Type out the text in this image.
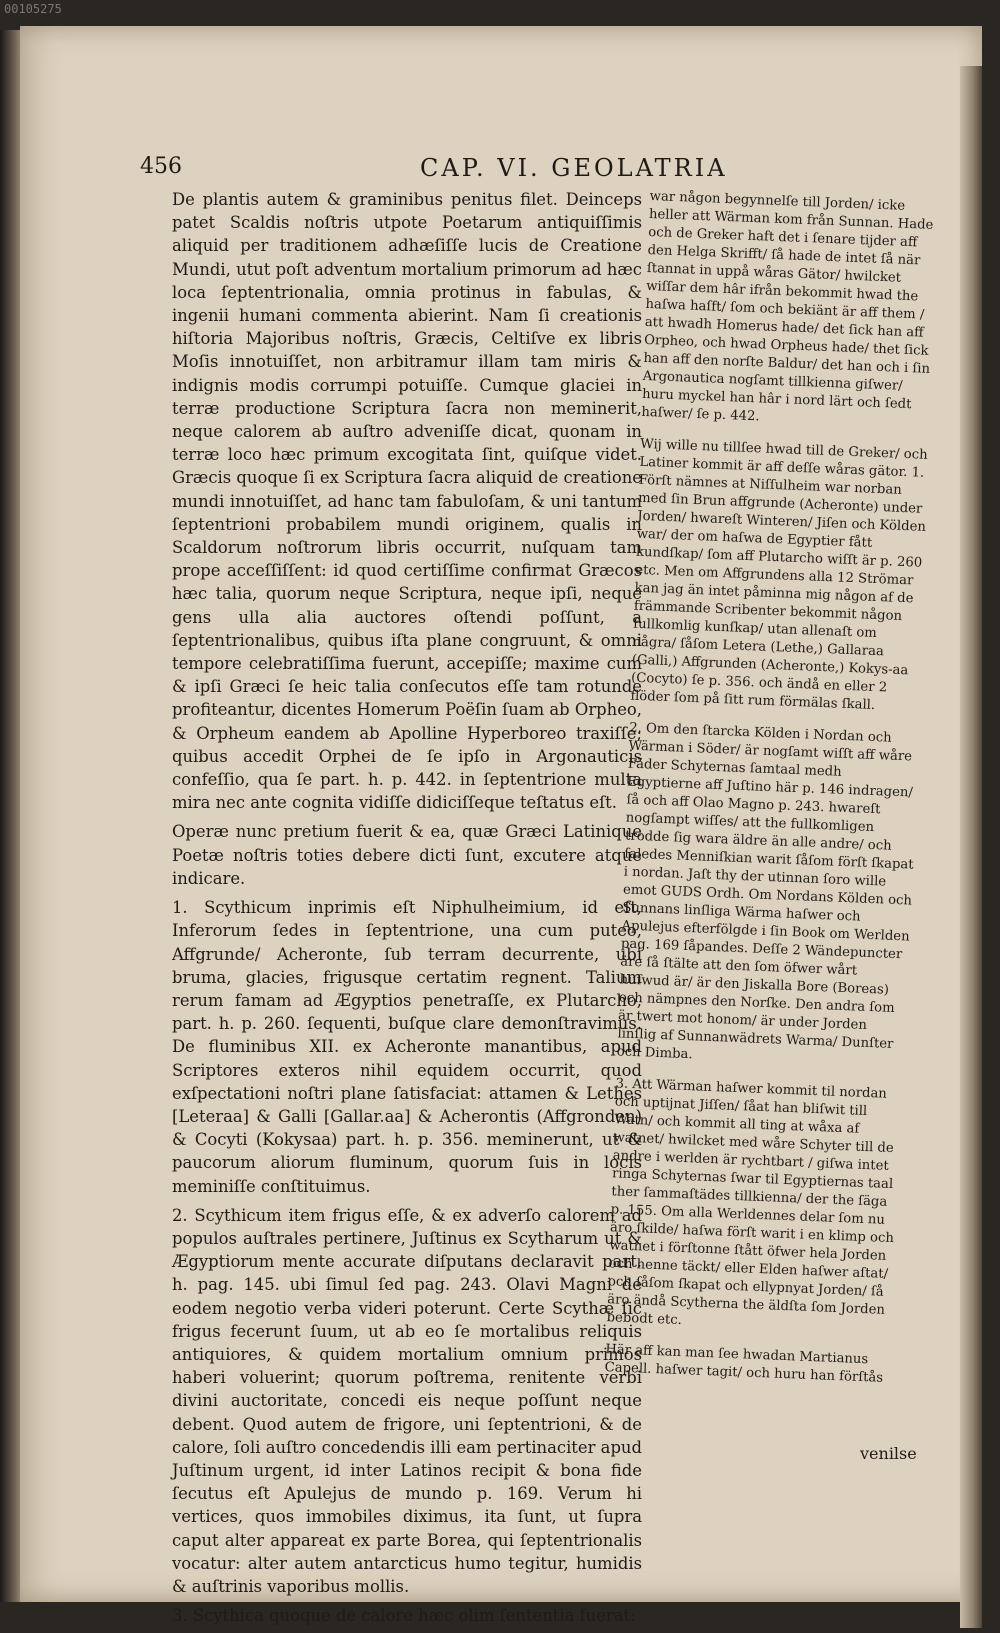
00105275
456	CAP. VI. GEOLATRIA

De plantis autem & graminibus penitus filet. Deinceps patet Scaldis noſtris utpote Poetarum antiquiſſimis aliquid per traditionem adhæſiſſe lucis de Creatione Mundi, utut poſt adventum mortalium primorum ad hæc loca ſeptentrionalia, omnia protinus in fabulas, & ingenii humani commenta abierint. Nam ſi creationis hiſtoria Majoribus noſtris, Græcis, Celtiſve ex libris Moſis innotuiſſet, non arbitramur illam tam miris & indignis modis corrumpi potuiſſe. Cumque glaciei in terræ productione Scriptura ſacra non meminerit, neque calorem ab auſtro adveniſſe dicat, quonam in terræ loco hæc primum excogitata ſint, quiſque videt. Græcis quoque ſi ex Scriptura ſacra aliquid de creatione mundi innotuiſſet, ad hanc tam fabuloſam, & uni tantum ſeptentrioni probabilem mundi originem, qualis in Scaldorum noſtrorum libris occurrit, nuſquam tam prope acceſſiſſent: id quod certiſſime confirmat Græcos hæc talia, quorum neque Scriptura, neque ipſi, neque gens ulla alia auctores oſtendi poſſunt, a ſeptentrionalibus, quibus iſta plane congruunt, & omni tempore celebratiſſima fuerunt, accepiſſe; maxime cum & ipſi Græci ſe heic talia conſecutos eſſe tam rotunde profiteantur, dicentes Homerum Poëſin ſuam ab Orpheo, & Orpheum eandem ab Apolline Hyperboreo traxiſſe; quibus accedit Orphei de ſe ipſo in Argonauticis confeſſio, qua ſe part. h. p. 442. in ſeptentrione multa mira nec ante cognita vidiſſe didiciſſeque teſtatus eſt.

Operæ nunc pretium fuerit & ea, quæ Græci Latinique Poetæ noſtris toties debere dicti ſunt, excutere atque indicare.

1. Scythicum inprimis eſt Niphulheimium, id eſt, Inferorum ſedes in ſeptentrione, una cum puteo, Affgrunde/ Acheronte, ſub terram decurrente, ubi bruma, glacies, frigusque certatim regnent. Talium rerum famam ad Ægyptios penetraſſe, ex Plutarcho, part. h. p. 260. ſequenti, buſque clare demonſtravimus. De fluminibus XII. ex Acheronte manantibus, apud Scriptores exteros nihil equidem occurrit, quod exſpectationi noſtri plane ſatisfaciat: attamen & Lethes [Leteraa] & Galli [Gallar.aa] & Acherontis (Affgronden) & Cocyti (Kokysaa) part. h. p. 356. meminerunt, ut & paucorum aliorum fluminum, quorum ſuis in locis meminiſſe conſtituimus.

2. Scythicum item frigus eſſe, & ex adverſo calorem ad populos auſtrales pertinere, Juſtinus ex Scytharum ut & Ægyptiorum mente accurate diſputans declaravit part. h. pag. 145. ubi ſimul ſed pag. 243. Olavi Magni de eodem negotio verba videri poterunt. Certe Scythæ ſic frigus fecerunt ſuum, ut ab eo ſe mortalibus reliquis antiquiores, & quidem mortalium omnium primos haberi voluerint; quorum poſtrema, renitente verbi divini auctoritate, concedi eis neque poſſunt neque debent. Quod autem de frigore, uni ſeptentrioni, & de calore, ſoli auſtro concedendis illi eam pertinaciter apud Juſtinum urgent, id inter Latinos recipit & bona fide ſecutus eſt Apulejus de mundo p. 169. Verum hi vertices, quos immobiles diximus, ita ſunt, ut ſupra caput alter appareat ex parte Borea, qui ſeptentrionalis vocatur: alter autem antarcticus humo tegitur, humidis & auſtrinis vaporibus mollis.

3. Scythica quoque de calore hæc olim ſententia fuerat:

war någon begynnelſe till Jorden/ icke heller att Wärman kom från Sunnan. Hade och de Greker haft det i ſenare tijder aff den Helga Skrifft/ ſå hade de intet ſå när ſtannat in uppå wåras Gätor/ hwilcket wiſſar dem hâr ifrån bekommit hwad the haſwa haſft/ ſom och bekiänt är aff them / att hwadh Homerus hade/ det ſick han aff Orpheo, och hwad Orpheus hade/ thet ſick han aff den norſte Baldur/ det han och i ſin Argonautica nogſamt tillkienna giſwer/ huru myckel han hâr i nord lärt och ſedt haſwer/ ſe p. 442.

Wij wille nu tillſee hwad till de Greker/ och Latiner kommit är aff deſſe wåras gätor. 1. Förſt nämnes at Niſſulheim war norban med ſin Brun affgrunde (Acheronte) under Jorden/ hwareſt Winteren/ Jiſen och Kölden war/ der om haſwa de Egyptier fått kundſkap/ ſom aff Plutarcho wiſſt är p. 260 etc. Men om Affgrundens alla 12 Strömar kan jag än intet påminna mig någon af de främmande Scribenter bekommit någon fullkomlig kunſkap/ utan allenaſt om några/ ſåſom Letera (Lethe,) Gallaraa (Galli,) Affgrunden (Acheronte,) Kokys-aa (Cocyto) ſe p. 356. och ändå en eller 2 flöder ſom på ſitt rum förmälas ſkall.

2. Om den ſtarcka Kölden i Nordan och Wärman i Söder/ är nogſamt wiſſt aff wåre Fäder Schyternas ſamtaal medh Egyptierne aff Juſtino här p. 146 indragen/ ſå och aff Olao Magno p. 243. hwareſt nogſampt wiſſes/ att the fullkomligen trodde ſig wara äldre än alle andre/ och ſaledes Menniſkian warit ſåſom förſt ſkapat i nordan. Jaſt thy der utinnan ſoro wille emot GUDS Ordh. Om Nordans Kölden och Sunnans linſliga Wärma haſwer och Apulejus efterfölgde i ſin Book om Werlden pag. 169 ſåpandes. Deſſe 2 Wändepuncter äre ſå ſtälte att den ſom öfwer wårt huſwud är/ är den Jiskalla Bore (Boreas) och nämpnes den Norſke. Den andra ſom är twert mot honom/ är under Jorden linſlig af Sunnanwädrets Warma/ Dunſter och Dimba.

3. Att Wärman haſwer kommit til nordan och uptijnat Jiſſen/ ſåat han bliſwit till Watn/ och kommit all ting at wåxa af watnet/ hwilcket med wåre Schyter till de andre i werlden är rychtbart / giſwa intet ringa Schyternas ſwar til Egyptiernas taal ther ſammaſtädes tillkienna/ der the ſäga p. 155. Om alla Werldennes delar ſom nu äro ſkilde/ haſwa förſt warit i en klimp och watnet i förſtonne ſtått öfwer hela Jorden och henne täckt/ eller Elden haſwer aſtat/ och ſåſom ſkapat och ellypnyat Jorden/ ſå äro ändå Scytherna the äldſta ſom Jorden bebodt etc.

Här aff kan man ſee hwadan Martianus Capell. haſwer tagit/ och huru han förſtås

venilse
